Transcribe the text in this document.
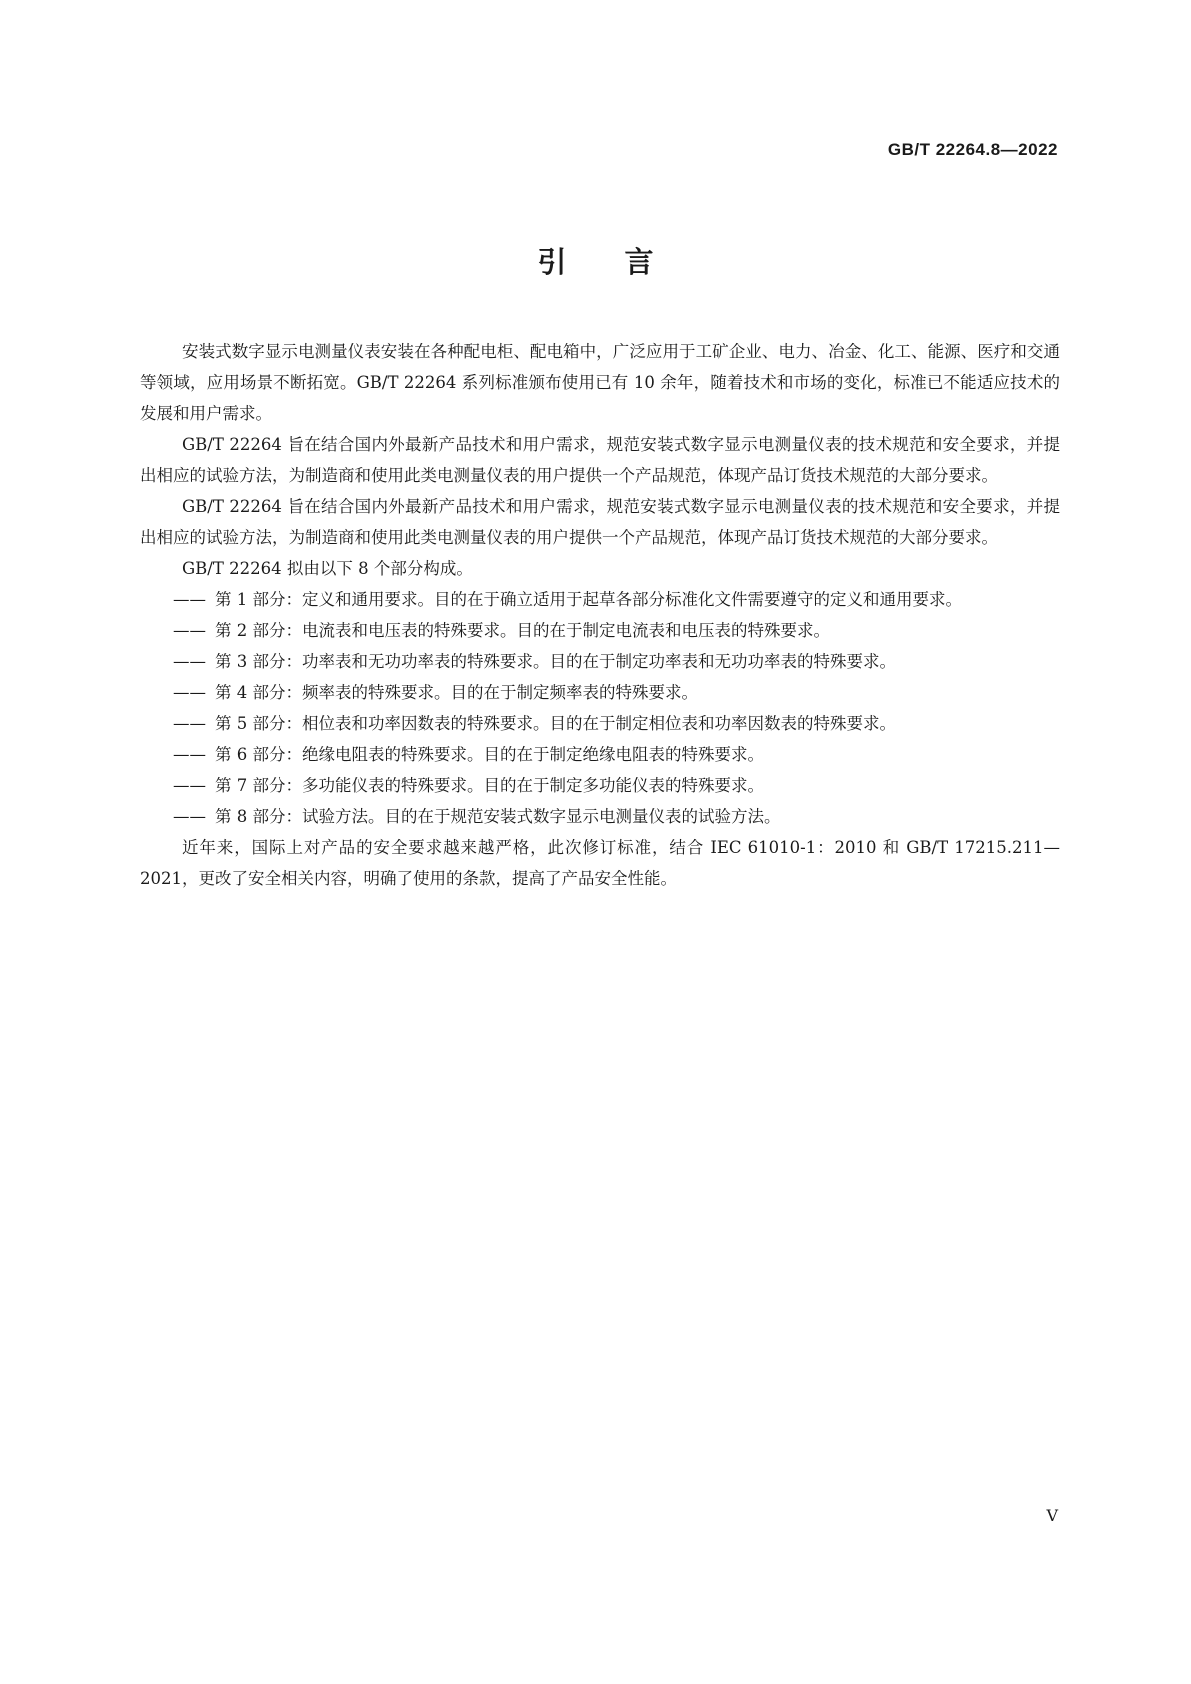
GB/T 22264.8—2022
引言

安装式数字显示电测量仪表安装在各种配电柜、配电箱中，广泛应用于工矿企业、电力、冶金、化工、能源、医疗和交通等领域，应用场景不断拓宽。GB/T 22264 系列标准颁布使用已有 10 余年，随着技术和市场的变化，标准已不能适应技术的发展和用户需求。

GB/T 22264 旨在结合国内外最新产品技术和用户需求，规范安装式数字显示电测量仪表的技术规范和安全要求，并提出相应的试验方法，为制造商和使用此类电测量仪表的用户提供一个产品规范，体现产品订货技术规范的大部分要求。

GB/T 22264 旨在结合国内外最新产品技术和用户需求，规范安装式数字显示电测量仪表的技术规范和安全要求，并提出相应的试验方法，为制造商和使用此类电测量仪表的用户提供一个产品规范，体现产品订货技术规范的大部分要求。

GB/T 22264 拟由以下 8 个部分构成。

—— 第 1 部分：定义和通用要求。目的在于确立适用于起草各部分标准化文件需要遵守的定义和通用要求。

—— 第 2 部分：电流表和电压表的特殊要求。目的在于制定电流表和电压表的特殊要求。

—— 第 3 部分：功率表和无功功率表的特殊要求。目的在于制定功率表和无功功率表的特殊要求。

—— 第 4 部分：频率表的特殊要求。目的在于制定频率表的特殊要求。

—— 第 5 部分：相位表和功率因数表的特殊要求。目的在于制定相位表和功率因数表的特殊要求。

—— 第 6 部分：绝缘电阻表的特殊要求。目的在于制定绝缘电阻表的特殊要求。

—— 第 7 部分：多功能仪表的特殊要求。目的在于制定多功能仪表的特殊要求。

—— 第 8 部分：试验方法。目的在于规范安装式数字显示电测量仪表的试验方法。

近年来，国际上对产品的安全要求越来越严格，此次修订标准，结合 IEC 61010-1：2010 和 GB/T 17215.211—2021，更改了安全相关内容，明确了使用的条款，提高了产品安全性能。

V
